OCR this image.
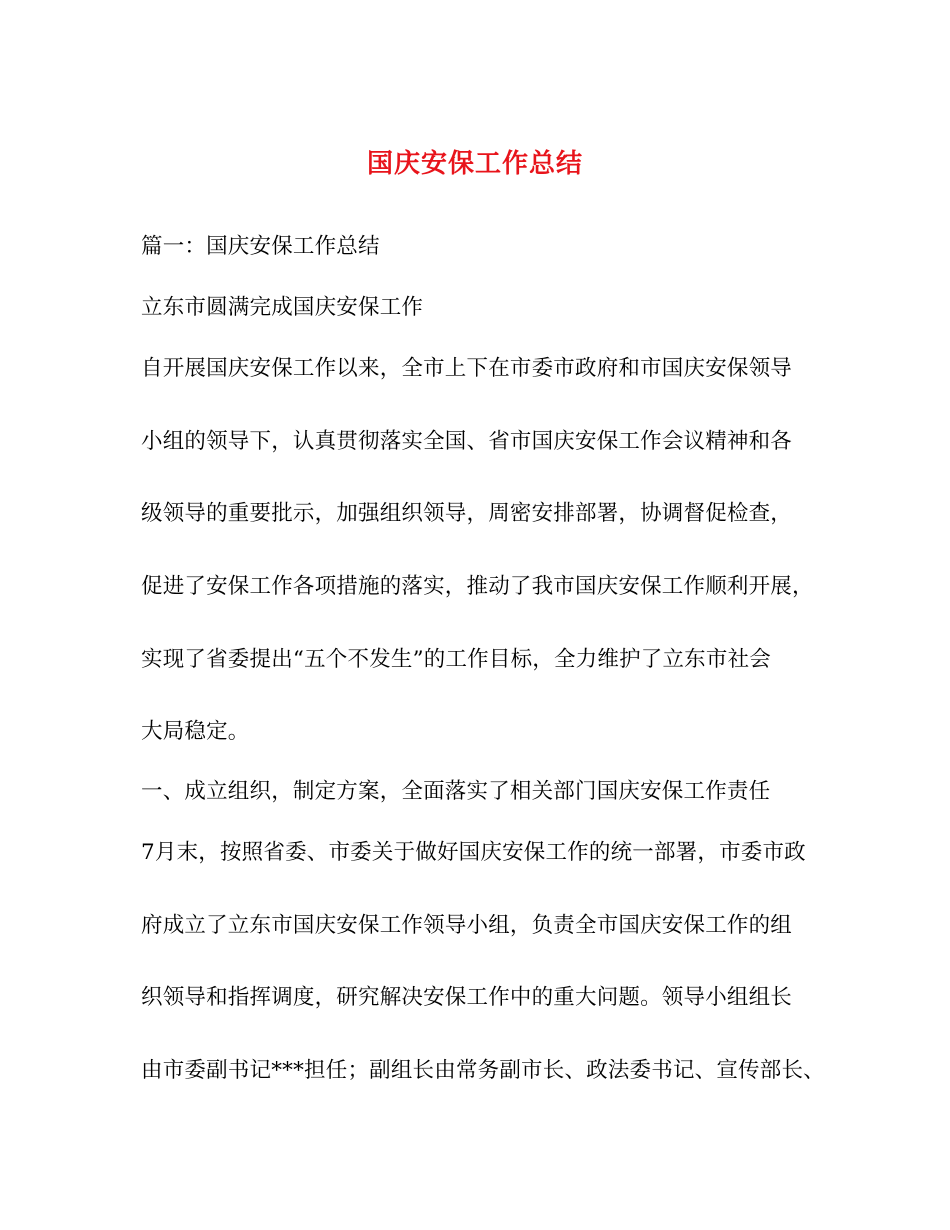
国庆安保工作总结
篇一：国庆安保工作总结
立东市圆满完成国庆安保工作
自开展国庆安保工作以来，全市上下在市委市政府和市国庆安保领导
小组的领导下，认真贯彻落实全国、省市国庆安保工作会议精神和各
级领导的重要批示，加强组织领导，周密安排部署，协调督促检查，
促进了安保工作各项措施的落实，推动了我市国庆安保工作顺利开展，
实现了省委提出“五个不发生”的工作目标，全力维护了立东市社会
大局稳定。
一、成立组织，制定方案，全面落实了相关部门国庆安保工作责任
7月末，按照省委、市委关于做好国庆安保工作的统一部署，市委市政
府成立了立东市国庆安保工作领导小组，负责全市国庆安保工作的组
织领导和指挥调度，研究解决安保工作中的重大问题。领导小组组长
由市委副书记***担任；副组长由常务副市长、政法委书记、宣传部长、
